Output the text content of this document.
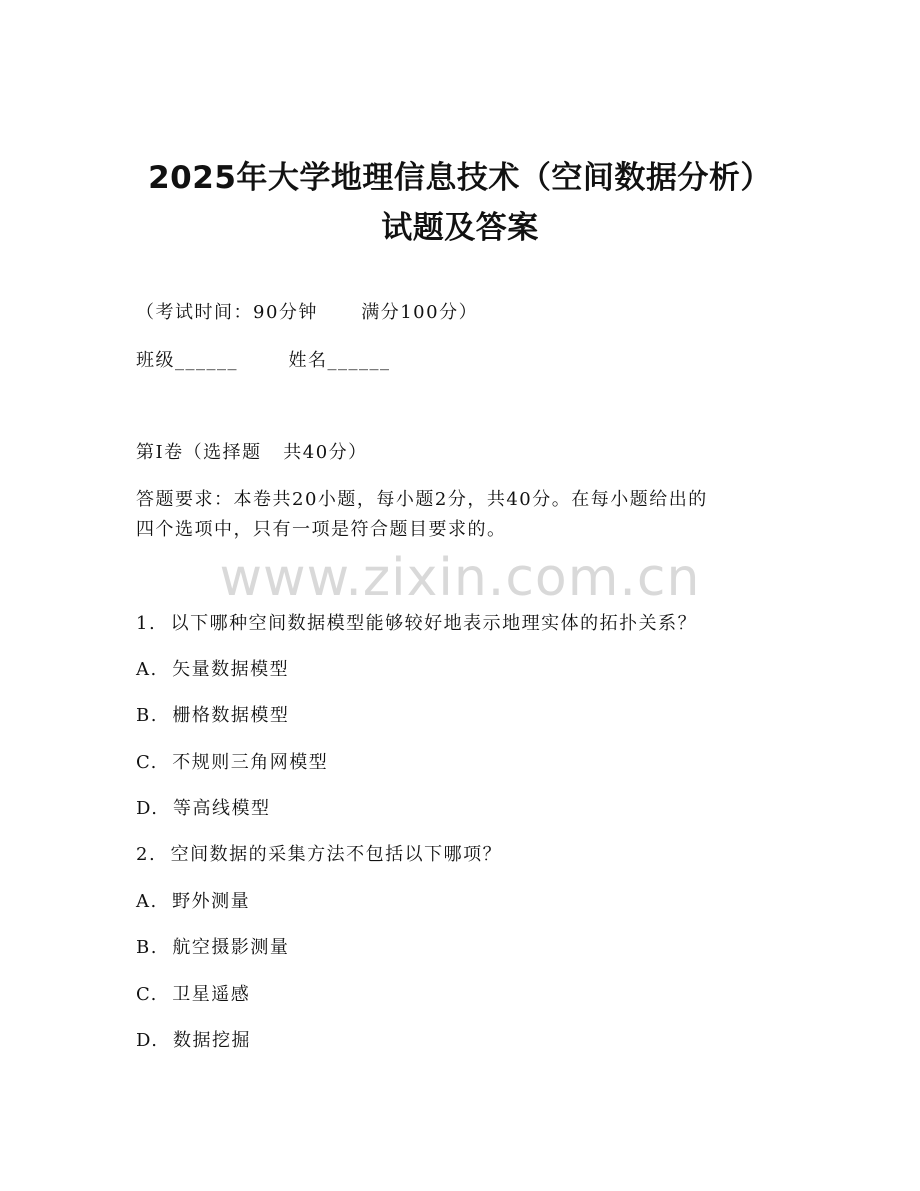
2025年大学地理信息技术（空间数据分析）
试题及答案
（考试时间：90分钟      满分100分）
班级______       姓名______
第I卷（选择题   共40分）
答题要求：本卷共20小题，每小题2分，共40分。在每小题给出的
四个选项中，只有一项是符合题目要求的。
www.zixin.com.cn
1.  以下哪种空间数据模型能够较好地表示地理实体的拓扑关系？
A.  矢量数据模型
B.  栅格数据模型
C.  不规则三角网模型
D.  等高线模型
2.  空间数据的采集方法不包括以下哪项？
A.  野外测量
B.  航空摄影测量
C.  卫星遥感
D.  数据挖掘
